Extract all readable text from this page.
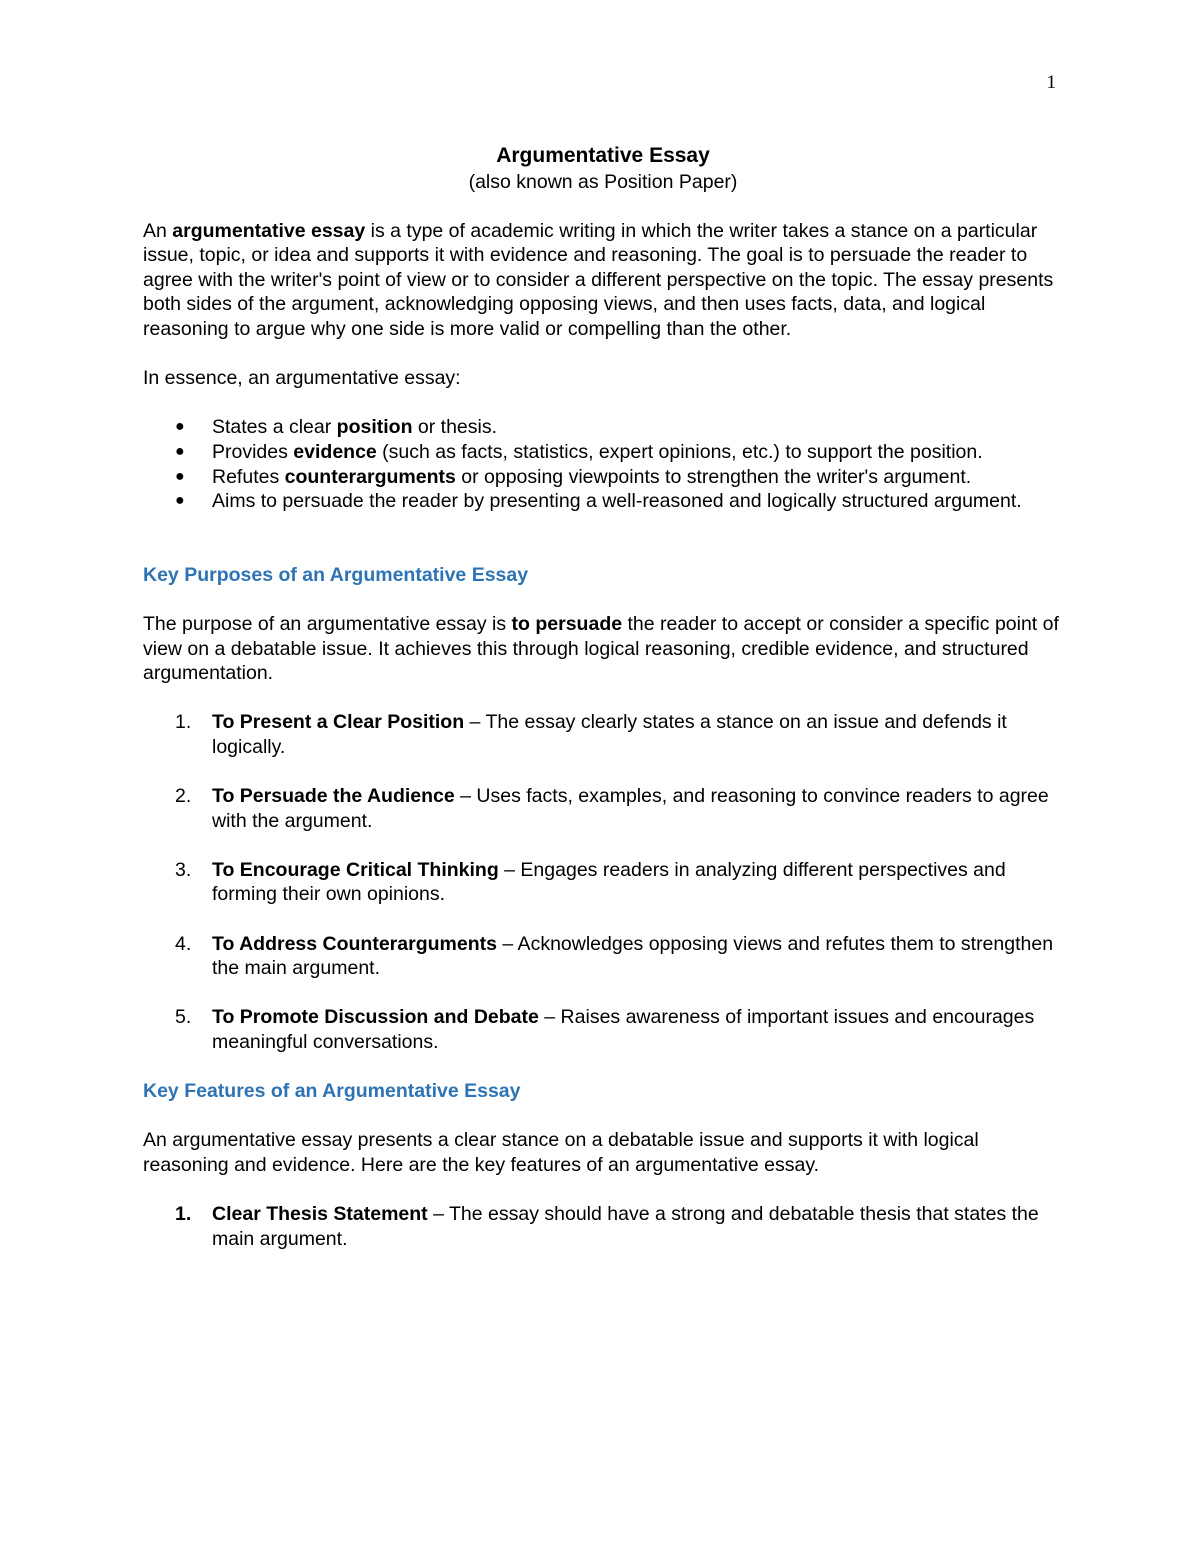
1
Argumentative Essay

(also known as Position Paper)

An argumentative essay is a type of academic writing in which the writer takes a stance on a particular issue, topic, or idea and supports it with evidence and reasoning. The goal is to persuade the reader to agree with the writer's point of view or to consider a different perspective on the topic. The essay presents both sides of the argument, acknowledging opposing views, and then uses facts, data, and logical reasoning to argue why one side is more valid or compelling than the other.

In essence, an argumentative essay:

● States a clear position or thesis.
● Provides evidence (such as facts, statistics, expert opinions, etc.) to support the position.
● Refutes counterarguments or opposing viewpoints to strengthen the writer's argument.
● Aims to persuade the reader by presenting a well-reasoned and logically structured argument.

Key Purposes of an Argumentative Essay

The purpose of an argumentative essay is to persuade the reader to accept or consider a specific point of view on a debatable issue. It achieves this through logical reasoning, credible evidence, and structured argumentation.

1. To Present a Clear Position – The essay clearly states a stance on an issue and defends it logically.
2. To Persuade the Audience – Uses facts, examples, and reasoning to convince readers to agree with the argument.
3. To Encourage Critical Thinking – Engages readers in analyzing different perspectives and forming their own opinions.
4. To Address Counterarguments – Acknowledges opposing views and refutes them to strengthen the main argument.
5. To Promote Discussion and Debate – Raises awareness of important issues and encourages meaningful conversations.

Key Features of an Argumentative Essay

An argumentative essay presents a clear stance on a debatable issue and supports it with logical reasoning and evidence. Here are the key features of an argumentative essay.

1. Clear Thesis Statement – The essay should have a strong and debatable thesis that states the main argument.
